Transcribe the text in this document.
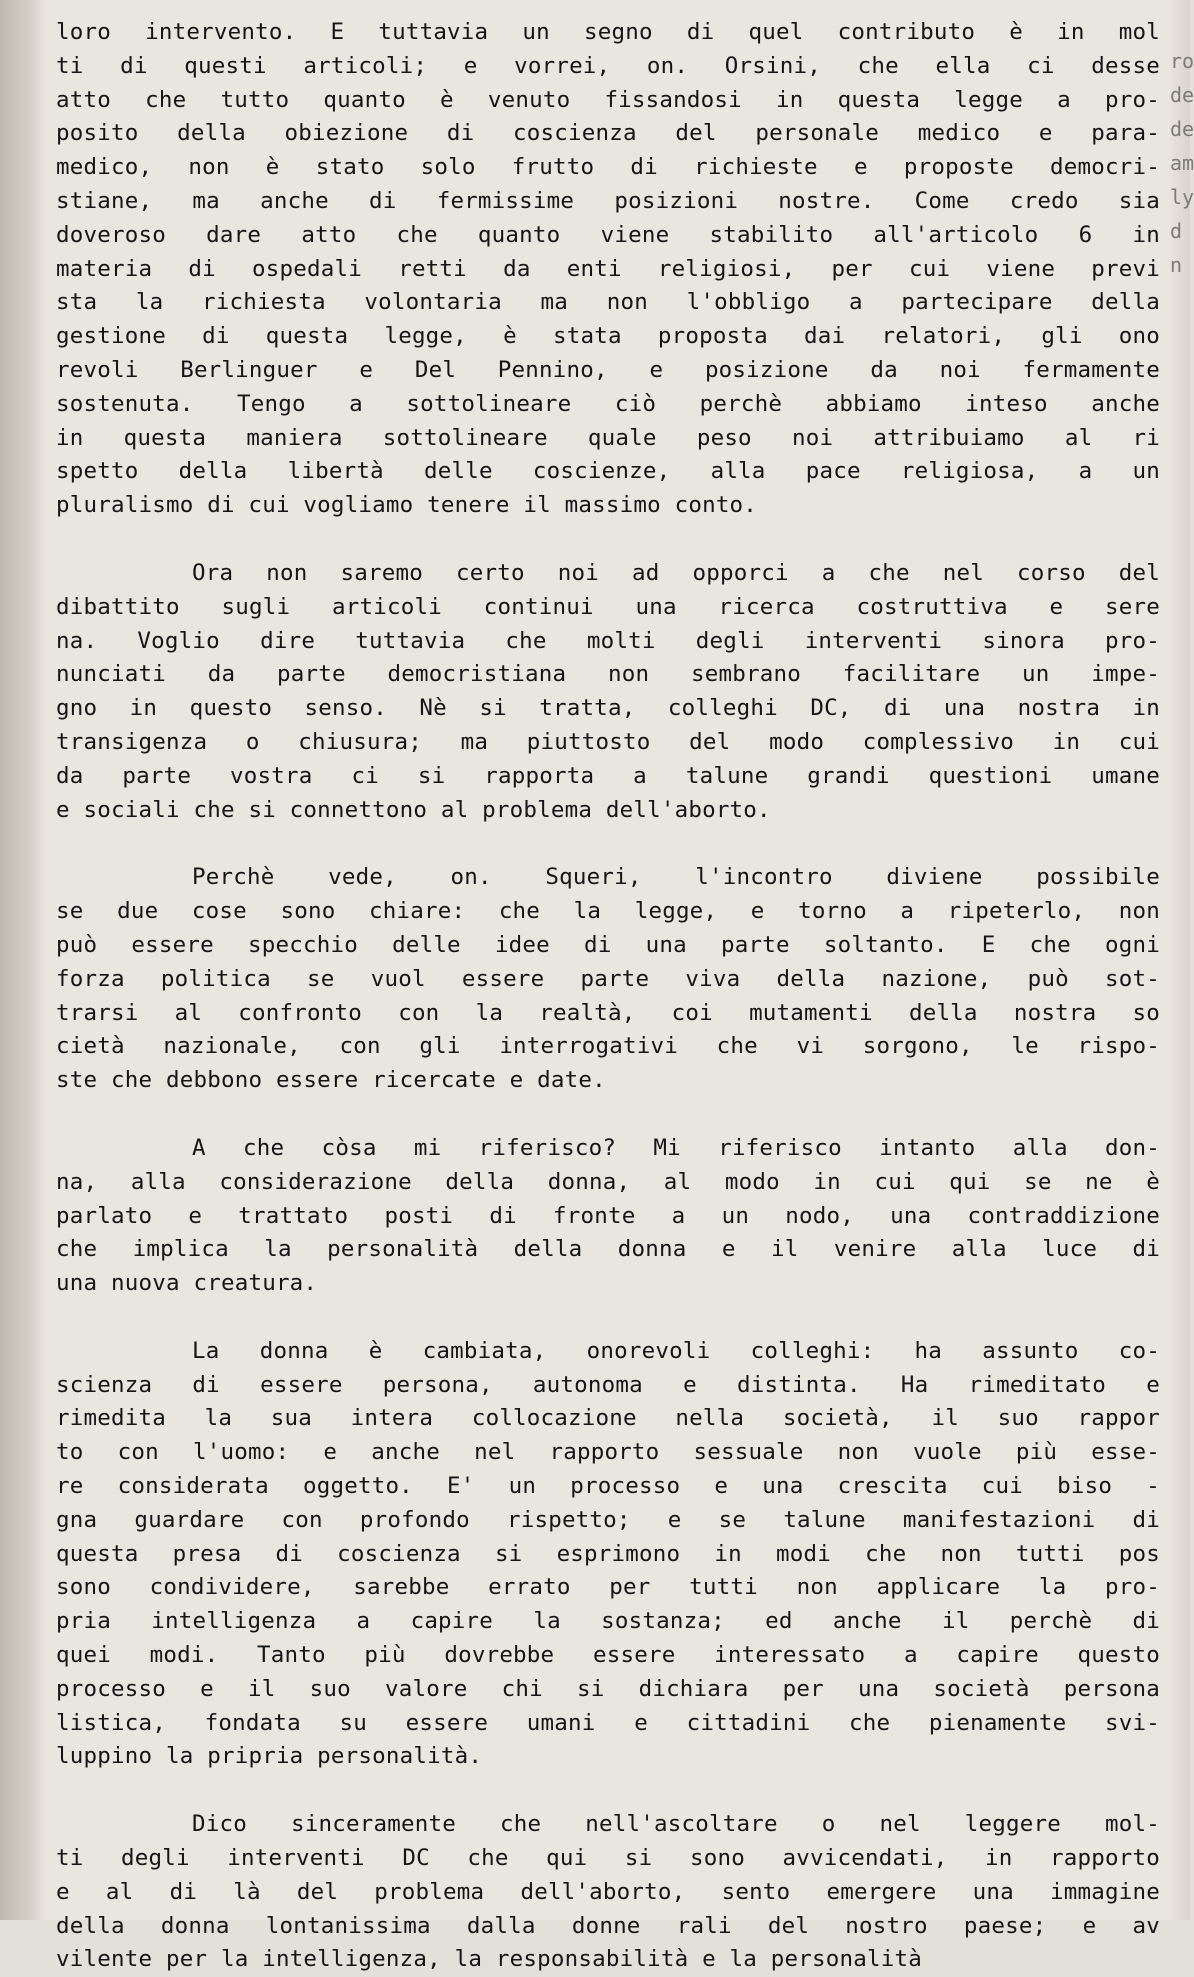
ro
de
de
am
ly
d
n
loro intervento. E tuttavia un segno di quel contributo è in mol
ti di questi articoli; e vorrei, on. Orsini, che ella ci desse
atto che tutto quanto è venuto fissandosi in questa legge a pro-
posito della obiezione di coscienza del personale medico e para-
medico, non è stato solo frutto di richieste e proposte democri-
stiane, ma anche di fermissime posizioni nostre. Come credo sia
doveroso dare atto che quanto viene stabilito all'articolo 6 in
materia di ospedali retti da enti religiosi, per cui viene previ
sta la richiesta volontaria ma non l'obbligo a partecipare della
gestione di questa legge, è stata proposta dai relatori, gli ono
revoli Berlinguer e Del Pennino, e posizione da noi fermamente
sostenuta. Tengo a sottolineare ciò perchè abbiamo inteso anche
in questa maniera sottolineare quale peso noi attribuiamo al ri
spetto della libertà delle coscienze, alla pace religiosa, a un
pluralismo di cui vogliamo tenere il massimo conto.
Ora non saremo certo noi ad opporci a che nel corso del
dibattito sugli articoli continui una ricerca costruttiva e sere
na. Voglio dire tuttavia che molti degli interventi sinora pro-
nunciati da parte democristiana non sembrano facilitare un impe-
gno in questo senso. Nè si tratta, colleghi DC, di una nostra in
transigenza o chiusura; ma piuttosto del modo complessivo in cui
da parte vostra ci si rapporta a talune grandi questioni umane
e sociali che si connettono al problema dell'aborto.
Perchè vede, on. Squeri, l'incontro diviene possibile
se due cose sono chiare: che la legge, e torno a ripeterlo, non
può essere specchio delle idee di una parte soltanto. E che ogni
forza politica se vuol essere parte viva della nazione, può sot-
trarsi al confronto con la realtà, coi mutamenti della nostra so
cietà nazionale, con gli interrogativi che vi sorgono, le rispo-
ste che debbono essere ricercate e date.
A che còsa mi riferisco? Mi riferisco intanto alla don-
na, alla considerazione della donna, al modo in cui qui se ne è
parlato e trattato posti di fronte a un nodo, una contraddizione
che implica la personalità della donna e il venire alla luce di
una nuova creatura.
La donna è cambiata, onorevoli colleghi: ha assunto co-
scienza di essere persona, autonoma e distinta. Ha rimeditato e
rimedita la sua intera collocazione nella società, il suo rappor
to con l'uomo: e anche nel rapporto sessuale non vuole più esse-
re considerata oggetto. E' un processo e una crescita cui biso -
gna guardare con profondo rispetto; e se talune manifestazioni di
questa presa di coscienza si esprimono in modi che non tutti pos
sono condividere, sarebbe errato per tutti non applicare la pro-
pria intelligenza a capire la sostanza; ed anche il perchè di
quei modi. Tanto più dovrebbe essere interessato a capire questo
processo e il suo valore chi si dichiara per una società persona
listica, fondata su essere umani e cittadini che pienamente svi-
luppino la pripria personalità.
Dico sinceramente che nell'ascoltare o nel leggere mol-
ti degli interventi DC che qui si sono avvicendati, in rapporto
e al di là del problema dell'aborto, sento emergere una immagine
della donna lontanissima dalla donne rali del nostro paese; e av
vilente per la intelligenza, la responsabilità e la personalità
